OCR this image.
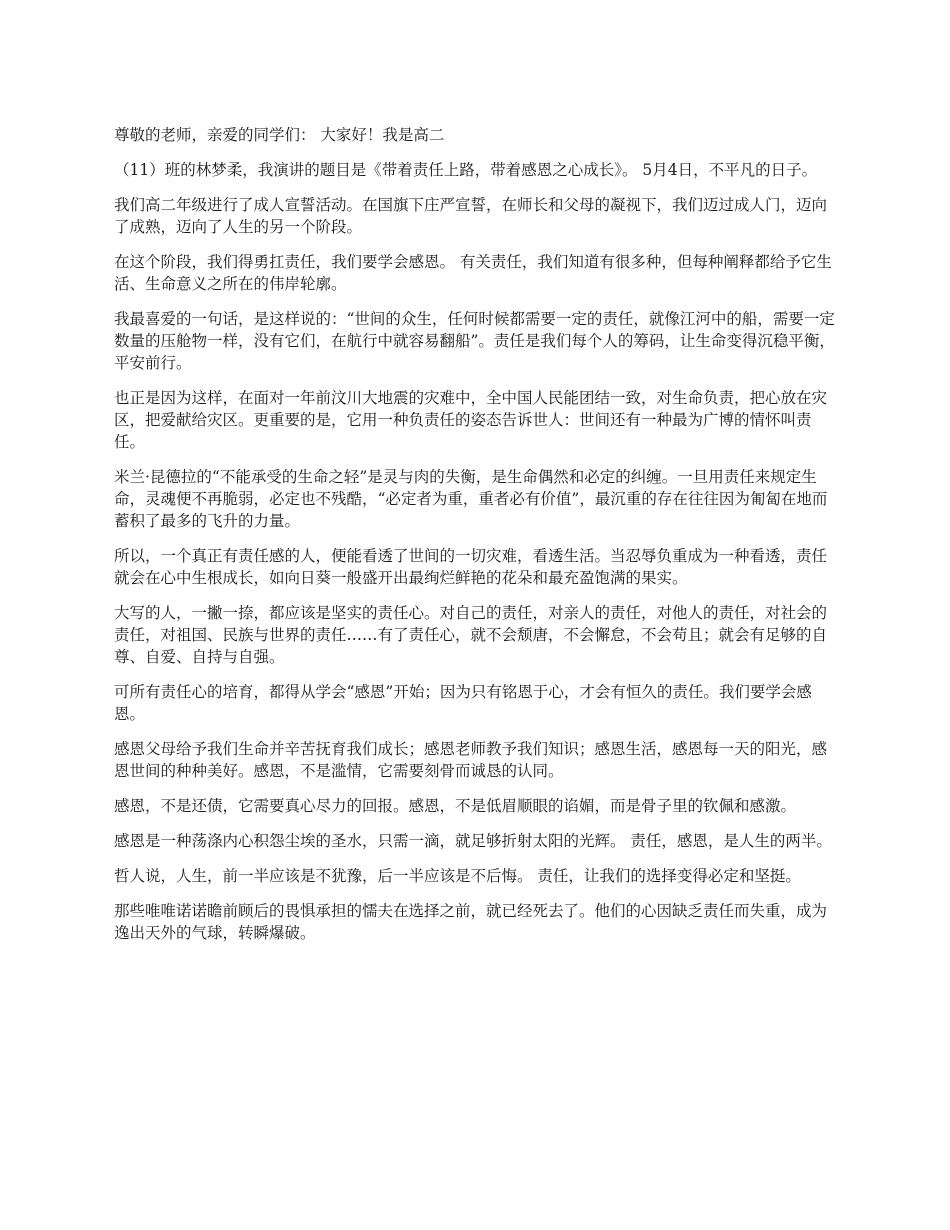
尊敬的老师，亲爱的同学们： 大家好！我是高二

（11）班的林梦柔，我演讲的题目是《带着责任上路，带着感恩之心成长》。 5月4日，不平凡的日子。

我们高二年级进行了成人宣誓活动。在国旗下庄严宣誓，在师长和父母的凝视下，我们迈过成人门，迈向了成熟，迈向了人生的另一个阶段。

在这个阶段，我们得勇扛责任，我们要学会感恩。 有关责任，我们知道有很多种，但每种阐释都给予它生活、生命意义之所在的伟岸轮廓。

我最喜爱的一句话，是这样说的：“世间的众生，任何时候都需要一定的责任，就像江河中的船，需要一定数量的压舱物一样，没有它们，在航行中就容易翻船”。责任是我们每个人的筹码，让生命变得沉稳平衡，平安前行。

也正是因为这样，在面对一年前汶川大地震的灾难中，全中国人民能团结一致，对生命负责，把心放在灾区，把爱献给灾区。更重要的是，它用一种负责任的姿态告诉世人：世间还有一种最为广博的情怀叫责任。

米兰·昆德拉的“不能承受的生命之轻”是灵与肉的失衡，是生命偶然和必定的纠缠。一旦用责任来规定生命，灵魂便不再脆弱，必定也不残酷，“必定者为重，重者必有价值”，最沉重的存在往往因为匍匐在地而蓄积了最多的飞升的力量。

所以，一个真正有责任感的人，便能看透了世间的一切灾难，看透生活。当忍辱负重成为一种看透，责任就会在心中生根成长，如向日葵一般盛开出最绚烂鲜艳的花朵和最充盈饱满的果实。

大写的人，一撇一捺，都应该是坚实的责任心。对自己的责任，对亲人的责任，对他人的责任，对社会的责任，对祖国、民族与世界的责任……有了责任心，就不会颓唐，不会懈怠，不会苟且；就会有足够的自尊、自爱、自持与自强。

可所有责任心的培育，都得从学会“感恩”开始；因为只有铭恩于心，才会有恒久的责任。我们要学会感恩。

感恩父母给予我们生命并辛苦抚育我们成长；感恩老师教予我们知识；感恩生活，感恩每一天的阳光，感恩世间的种种美好。感恩，不是滥情，它需要刻骨而诚恳的认同。

感恩，不是还债，它需要真心尽力的回报。感恩，不是低眉顺眼的谄媚，而是骨子里的钦佩和感激。

感恩是一种荡涤内心积怨尘埃的圣水，只需一滴，就足够折射太阳的光辉。 责任，感恩，是人生的两半。

哲人说，人生，前一半应该是不犹豫，后一半应该是不后悔。 责任，让我们的选择变得必定和坚挺。

那些唯唯诺诺瞻前顾后的畏惧承担的懦夫在选择之前，就已经死去了。他们的心因缺乏责任而失重，成为逸出天外的气球，转瞬爆破。
